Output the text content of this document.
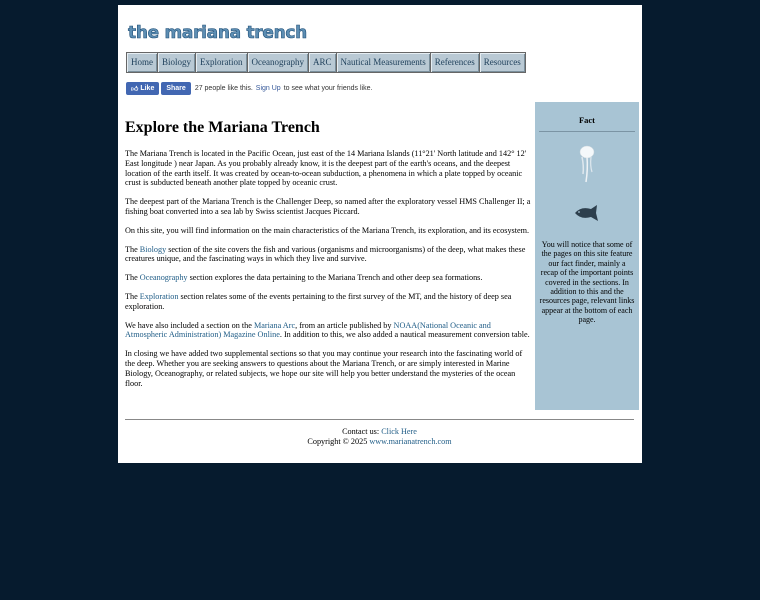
the mariana trench
Home	Biology	Exploration	Oceanography	ARC	Nautical Measurements	References	Resources
👍︎ Like	Share	27 people like this. Sign Up to see what your friends like.
Explore the Mariana Trench

The Mariana Trench is located in the Pacific Ocean, just east of the 14 Mariana Islands (11°21' North latitude and 142° 12' East longitude ) near Japan. As you probably already know, it is the deepest part of the earth's oceans, and the deepest location of the earth itself. It was created by ocean-to-ocean subduction, a phenomena in which a plate topped by oceanic crust is subducted beneath another plate topped by oceanic crust.

The deepest part of the Mariana Trench is the Challenger Deep, so named after the exploratory vessel HMS Challenger II; a fishing boat converted into a sea lab by Swiss scientist Jacques Piccard.

On this site, you will find information on the main characteristics of the Mariana Trench, its exploration, and its ecosystem.

The Biology section of the site covers the fish and various (organisms and microorganisms) of the deep, what makes these creatures unique, and the fascinating ways in which they live and survive.

The Oceanography section explores the data pertaining to the Mariana Trench and other deep sea formations.

The Exploration section relates some of the events pertaining to the first survey of the MT, and the history of deep sea exploration.

We have also included a section on the Mariana Arc, from an article published by NOAA(National Oceanic and Atmospheric Administration) Magazine Online. In addition to this, we also added a nautical measurement conversion table.

In closing we have added two supplemental sections so that you may continue your research into the fascinating world of the deep. Whether you are seeking answers to questions about the Mariana Trench, or are simply interested in Marine Biology, Oceanography, or related subjects, we hope our site will help you better understand the mysteries of the ocean floor.

Fact
You will notice that some of the pages on this site feature our fact finder, mainly a recap of the important points covered in the sections. In addition to this and the resources page, relevant links appear at the bottom of each page.
Contact us: Click Here
Copyright © 2025 www.marianatrench.com
